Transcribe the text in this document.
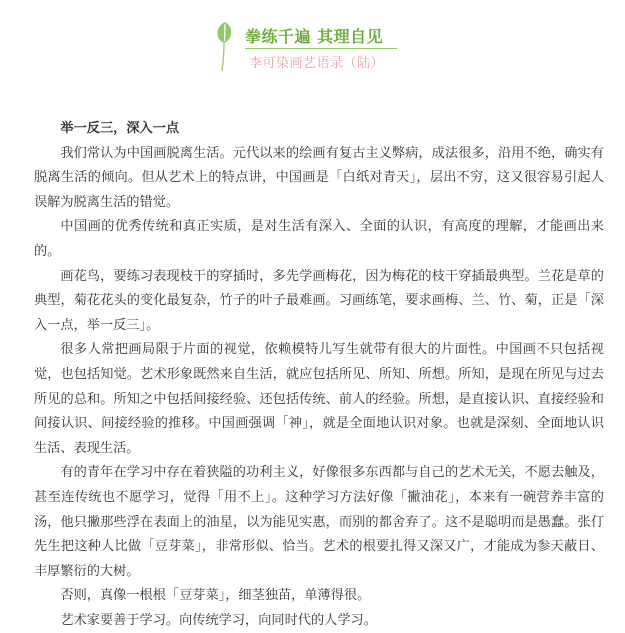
拳练千遍 其理自见
李可染画艺语录（陆）

举一反三，深入一点

我们常认为中国画脱离生活。元代以来的绘画有复古主义弊病，成法很多，沿用不绝，确实有脱离生活的倾向。但从艺术上的特点讲，中国画是「白纸对青天」，层出不穷，这又很容易引起人误解为脱离生活的错觉。

中国画的优秀传统和真正实质，是对生活有深入、全面的认识，有高度的理解，才能画出来的。

画花鸟，要练习表现枝干的穿插时，多先学画梅花，因为梅花的枝干穿插最典型。兰花是草的典型，菊花花头的变化最复杂，竹子的叶子最难画。习画练笔，要求画梅、兰、竹、菊，正是「深入一点，举一反三」。

很多人常把画局限于片面的视觉，依赖模特儿写生就带有很大的片面性。中国画不只包括视觉，也包括知觉。艺术形象既然来自生活，就应包括所见、所知、所想。所知，是现在所见与过去所见的总和。所知之中包括间接经验、还包括传统、前人的经验。所想，是直接认识、直接经验和间接认识、间接经验的推移。中国画强调「神」，就是全面地认识对象。也就是深刻、全面地认识生活、表现生活。

有的青年在学习中存在着狭隘的功利主义，好像很多东西都与自己的艺术无关，不愿去触及，甚至连传统也不愿学习，觉得「用不上」。这种学习方法好像「撇油花」，本来有一碗营养丰富的汤，他只撇那些浮在表面上的油星，以为能见实惠，而别的都舍弃了。这不是聪明而是愚蠢。张仃先生把这种人比做「豆芽菜」，非常形似、恰当。艺术的根要扎得又深又广，才能成为参天蔽日、丰厚繁衍的大树。

否则，真像一根根「豆芽菜」，细茎独苗，单薄得很。

艺术家要善于学习。向传统学习，向同时代的人学习。
